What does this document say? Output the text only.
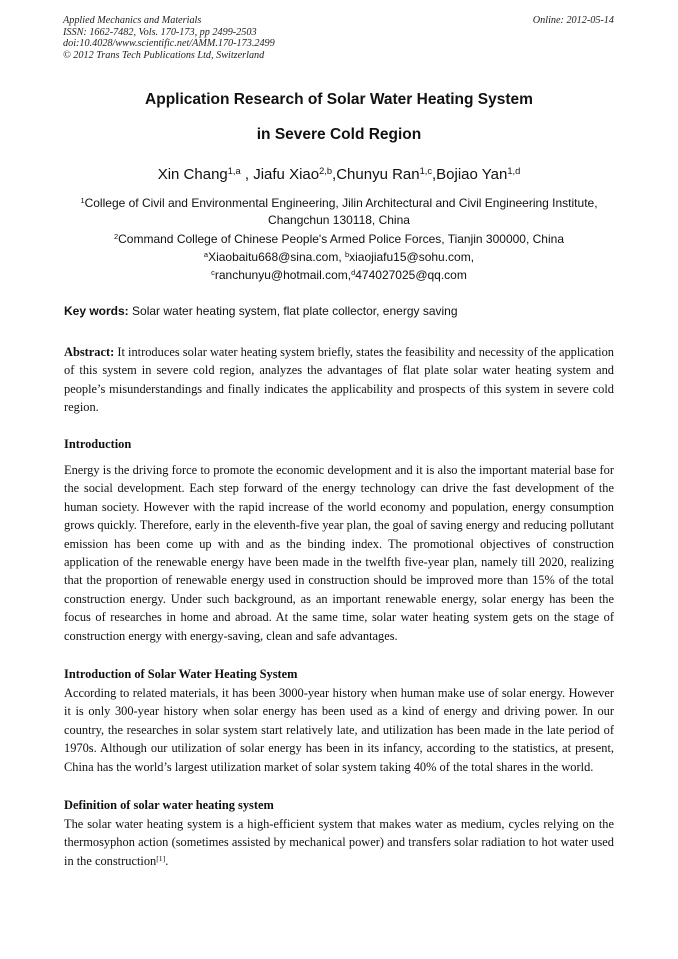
Applied Mechanics and Materials
ISSN: 1662-7482, Vols. 170-173, pp 2499-2503
doi:10.4028/www.scientific.net/AMM.170-173.2499
© 2012 Trans Tech Publications Ltd, Switzerland
Online: 2012-05-14
Application Research of Solar Water Heating System
in Severe Cold Region
Xin Chang$^{1,a}$ , Jiafu Xiao$^{2,b}$,Chunyu Ran$^{1,c}$,Bojiao Yan$^{1,d}$
$^1$College of Civil and Environmental Engineering, Jilin Architectural and Civil Engineering Institute,
Changchun 130118, China
$^2$Command College of Chinese People's Armed Police Forces, Tianjin 300000, China
$^a$Xiaobaitu668@sina.com, $^b$xiaojiafu15@sohu.com,
$^c$ranchunyu@hotmail.com,$^d$474027025@qq.com
Key words: Solar water heating system, flat plate collector, energy saving
Abstract: It introduces solar water heating system briefly, states the feasibility and necessity of the application of this system in severe cold region, analyzes the advantages of flat plate solar water heating system and people’s misunderstandings and finally indicates the applicability and prospects of this system in severe cold region.
Introduction
Energy is the driving force to promote the economic development and it is also the important material base for the social development. Each step forward of the energy technology can drive the fast development of the human society. However with the rapid increase of the world economy and population, energy consumption grows quickly. Therefore, early in the eleventh-five year plan, the goal of saving energy and reducing pollutant emission has been come up with and as the binding index. The promotional objectives of construction application of the renewable energy have been made in the twelfth five-year plan, namely till 2020, realizing that the proportion of renewable energy used in construction should be improved more than 15% of the total construction energy. Under such background, as an important renewable energy, solar energy has been the focus of researches in home and abroad. At the same time, solar water heating system gets on the stage of construction energy with energy-saving, clean and safe advantages.
Introduction of Solar Water Heating System
According to related materials, it has been 3000-year history when human make use of solar energy. However it is only 300-year history when solar energy has been used as a kind of energy and driving power. In our country, the researches in solar system start relatively late, and utilization has been made in the late period of 1970s. Although our utilization of solar energy has been in its infancy, according to the statistics, at present, China has the world’s largest utilization market of solar system taking 40% of the total shares in the world.
Definition of solar water heating system
The solar water heating system is a high-efficient system that makes water as medium, cycles relying on the thermosyphon action (sometimes assisted by mechanical power) and transfers solar radiation to hot water used in the construction[1].
